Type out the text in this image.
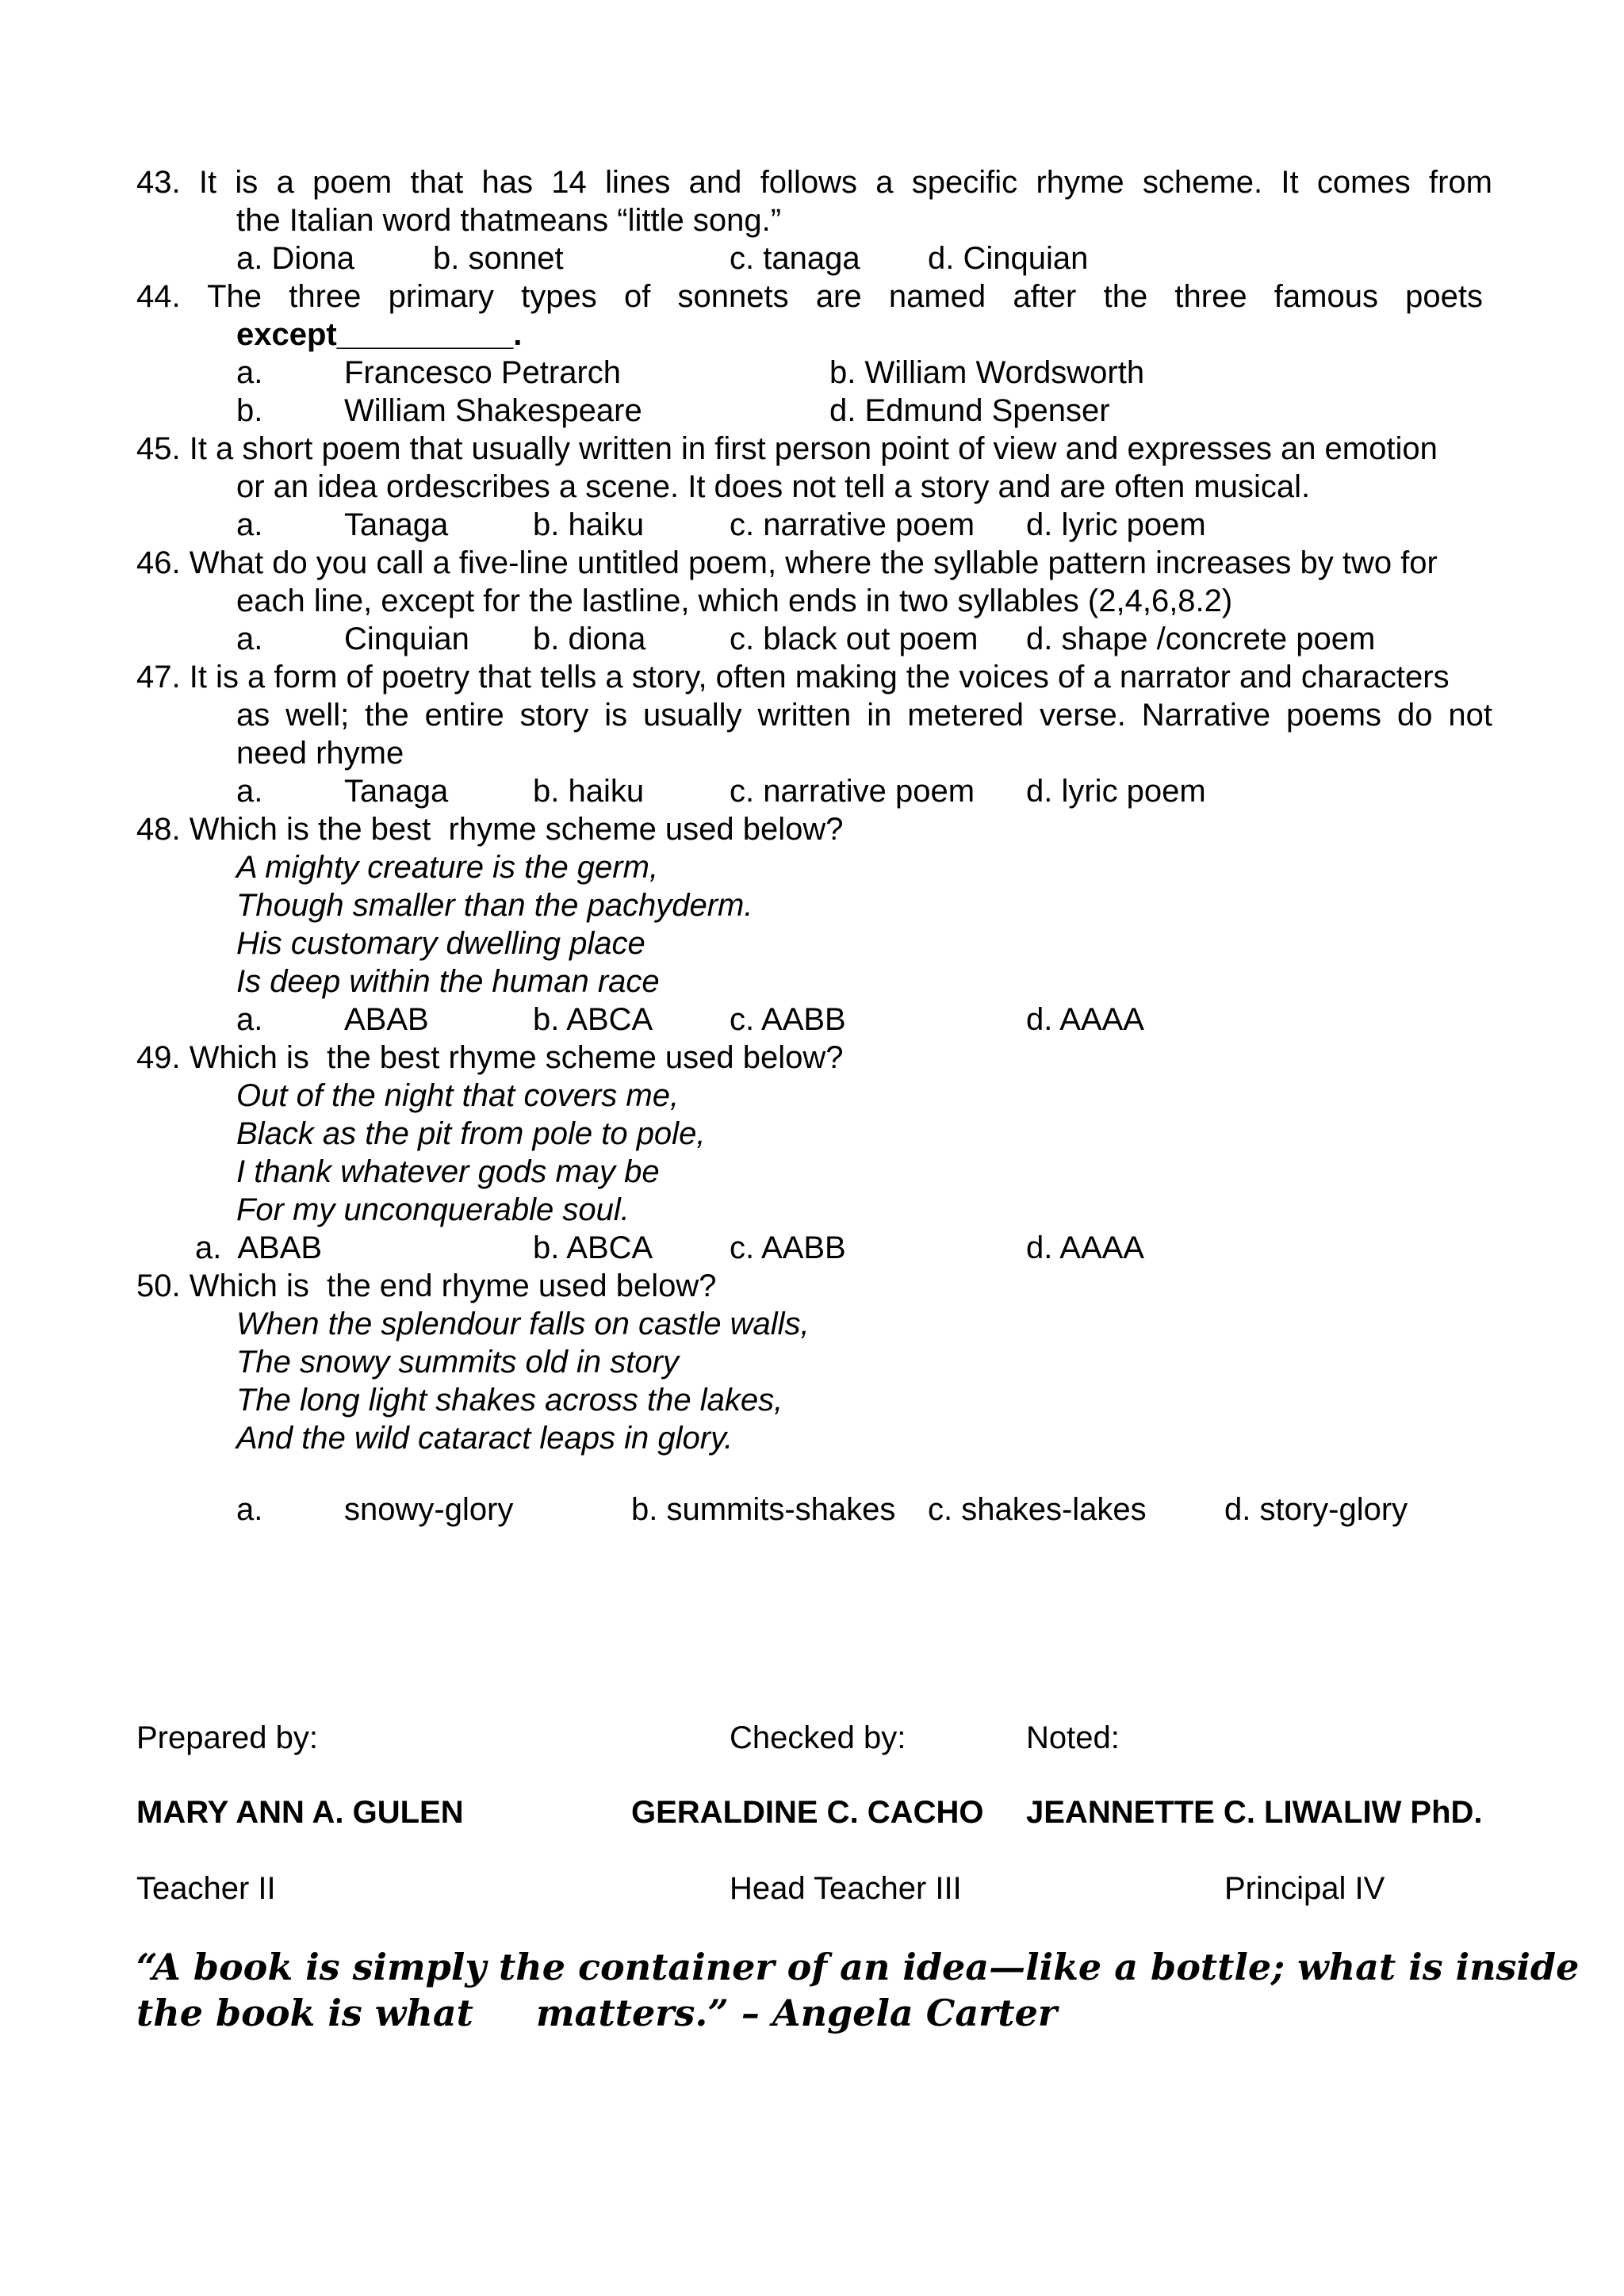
43. It is a poem that has 14 lines and follows a specific rhyme scheme. It comes from
the Italian word thatmeans “little song.”
a. Diona b. sonnet	c. tanaga d. Cinquian
44. The three primary types of sonnets are named after the three famous poets
except__________.
a.	Francesco Petrarch	b. William Wordsworth
b.	William Shakespeare	d. Edmund Spenser
45. It a short poem that usually written in first person point of view and expresses an emotion
or an idea ordescribes a scene. It does not tell a story and are often musical.
a.	Tanaga	b. haiku	c. narrative poem d. lyric poem
46. What do you call a five-line untitled poem, where the syllable pattern increases by two for
each line, except for the lastline, which ends in two syllables (2,4,6,8.2)
a.	Cinquian b. diona	c. black out poem d. shape /concrete poem
47. It is a form of poetry that tells a story, often making the voices of a narrator and characters
as well; the entire story is usually written in metered verse. Narrative poems do not
need rhyme
a.	Tanaga	b. haiku	c. narrative poem d. lyric poem
48. Which is the best  rhyme scheme used below?
A mighty creature is the germ,
Though smaller than the pachyderm.
His customary dwelling place
Is deep within the human race
a.	ABAB	b. ABCA c. AABB	d. AAAA
49. Which is  the best rhyme scheme used below?
Out of the night that covers me,
Black as the pit from pole to pole,
I thank whatever gods may be
For my unconquerable soul.
a.  ABAB	b. ABCA c. AABB	d. AAAA
50. Which is  the end rhyme used below?
When the splendour falls on castle walls,
The snowy summits old in story
The long light shakes across the lakes,
And the wild cataract leaps in glory.
a.	snowy-glory	b. summits-shakes c. shakes-lakes d. story-glory
Prepared by:	Checked by:	Noted:
MARY ANN A. GULEN	GERALDINE C. CACHO JEANNETTE C. LIWALIW PhD.
Teacher II	Head Teacher III	Principal IV
“A book is simply the container of an idea—like a bottle; what is inside
the book is what matters.” – Angela Carter
